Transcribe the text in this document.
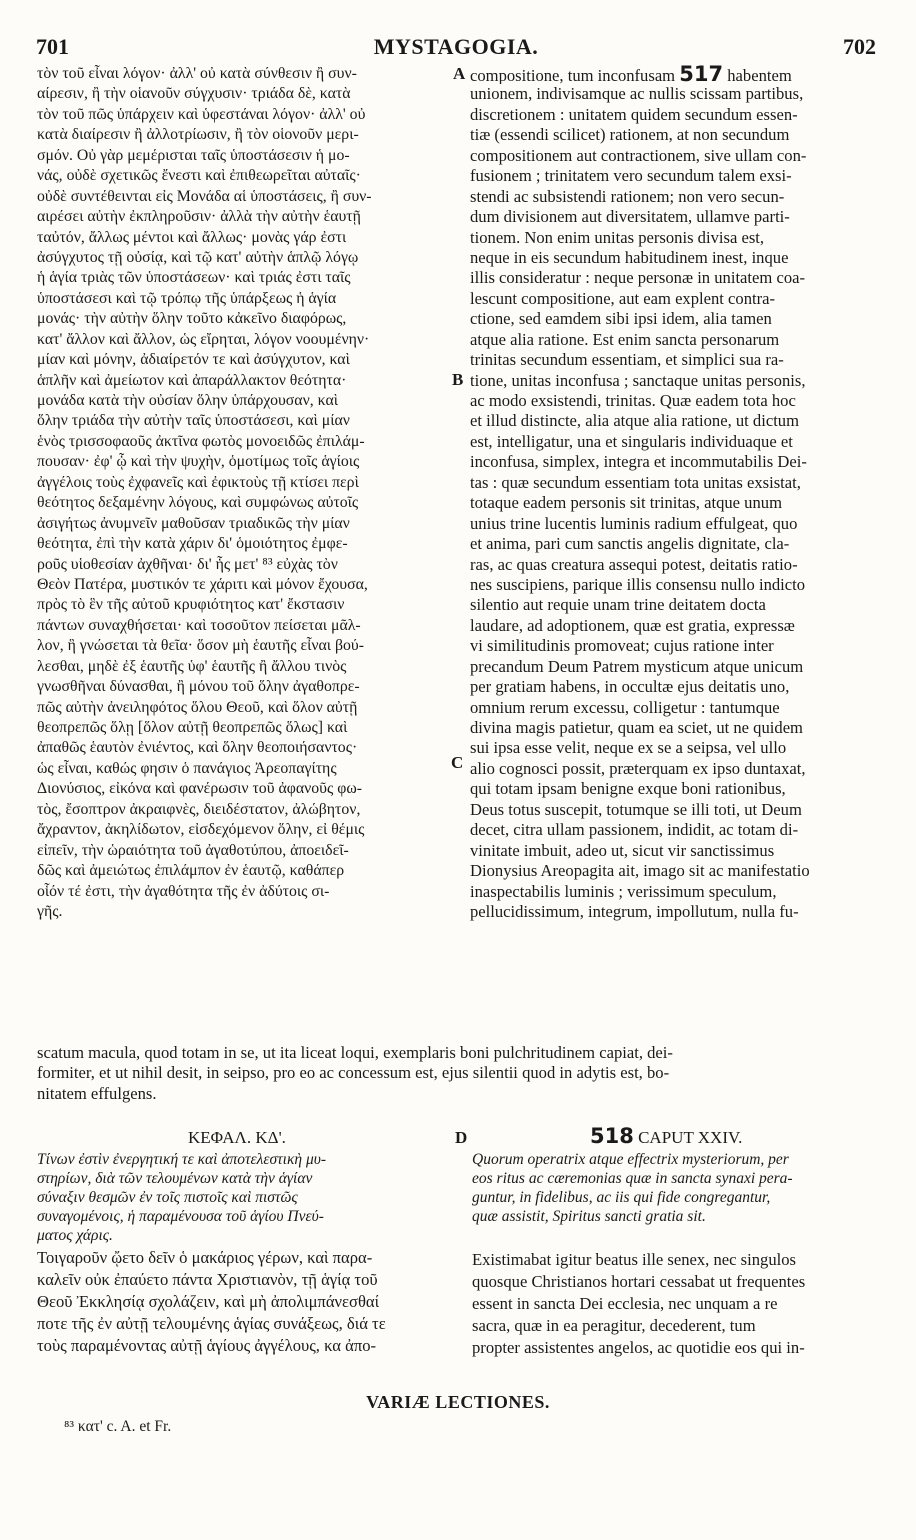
701	MYSTAGOGIA.	702
τὸν τοῦ εἶναι λόγον· ἀλλ' οὐ κατὰ σύνθεσιν ἢ συν-
αίρεσιν, ἢ τὴν οἱανοῦν σύγχυσιν· τριάδα δὲ, κατὰ
τὸν τοῦ πῶς ὑπάρχειν καὶ ὑφεστάναι λόγον· ἀλλ' οὐ
κατὰ διαίρεσιν ἢ ἀλλοτρίωσιν, ἢ τὸν οἱονοῦν μερι-
σμόν. Οὐ γὰρ μεμέρισται ταῖς ὑποστάσεσιν ἡ μο-
νάς, οὐδὲ σχετικῶς ἔνεστι καὶ ἐπιθεωρεῖται αὐταῖς·
οὐδὲ συντέθεινται εἰς Μονάδα αἱ ὑποστάσεις, ἢ συν-
αιρέσει αὐτὴν ἐκπληροῦσιν· ἀλλὰ τὴν αὐτὴν ἑαυτῇ
ταὐτόν, ἄλλως μέντοι καὶ ἄλλως· μονὰς γάρ ἐστι
ἀσύγχυτος τῇ οὐσίᾳ, καὶ τῷ κατ' αὐτὴν ἁπλῷ λόγῳ
ἡ ἁγία τριὰς τῶν ὑποστάσεων· καὶ τριάς ἐστι ταῖς
ὑποστάσεσι καὶ τῷ τρόπῳ τῆς ὑπάρξεως ἡ ἁγία
μονάς· τὴν αὐτὴν ὅλην τοῦτο κἀκεῖνο διαφόρως,
κατ' ἄλλον καὶ ἄλλον, ὡς εἴρηται, λόγον νοουμένην·
μίαν καὶ μόνην, ἀδιαίρετόν τε καὶ ἀσύγχυτον, καὶ
ἁπλῆν καὶ ἀμείωτον καὶ ἀπαράλλακτον θεότητα·
μονάδα κατὰ τὴν οὐσίαν ὅλην ὑπάρχουσαν, καὶ
ὅλην τριάδα τὴν αὐτὴν ταῖς ὑποστάσεσι, καὶ μίαν
ἑνὸς τρισσοφαοῦς ἀκτῖνα φωτὸς μονοειδῶς ἐπιλάμ-
πουσαν· ἐφ' ᾧ καὶ τὴν ψυχὴν, ὁμοτίμως τοῖς ἁγίοις
ἀγγέλοις τοὺς ἐχφανεῖς καὶ ἐφικτοὺς τῇ κτίσει περὶ
θεότητος δεξαμένην λόγους, καὶ συμφώνως αὐτοῖς
ἀσιγήτως ἀνυμνεῖν μαθοῦσαν τριαδικῶς τὴν μίαν
θεότητα, ἐπὶ τὴν κατὰ χάριν δι' ὁμοιότητος ἐμφε-
ροῦς υἱοθεσίαν ἀχθῆναι· δι' ἧς μετ' ⁸³ εὐχὰς τὸν
Θεὸν Πατέρα, μυστικόν τε χάριτι καὶ μόνον ἔχουσα,
πρὸς τὸ ἓν τῆς αὐτοῦ κρυφιότητος κατ' ἔκστασιν
πάντων συναχθήσεται· καὶ τοσοῦτον πείσεται μᾶλ-
λον, ἣ γνώσεται τὰ θεῖα· ὅσον μὴ ἑαυτῆς εἶναι βού-
λεσθαι, μηδὲ ἐξ ἑαυτῆς ὑφ' ἑαυτῆς ἢ ἄλλου τινὸς
γνωσθῆναι δύνασθαι, ἢ μόνου τοῦ ὅλην ἀγαθοπρε-
πῶς αὐτὴν ἀνειληφότος ὅλου Θεοῦ, καὶ ὅλον αὐτῇ
θεοπρεπῶς ὅλῃ [ὅλον αὐτῇ θεοπρεπῶς ὅλως] καὶ
ἀπαθῶς ἑαυτὸν ἐνιέντος, καὶ ὅλην θεοποιήσαντος·
ὡς εἶναι, καθώς φησιν ὁ πανάγιος Ἀρεοπαγίτης
Διονύσιος, εἰκόνα καὶ φανέρωσιν τοῦ ἀφανοῦς φω-
τὸς, ἔσοπτρον ἀκραιφνὲς, διειδέστατον, ἀλώβητον,
ἄχραντον, ἀκηλίδωτον, εἰσδεχόμενον ὅλην, εἰ θέμις
εἰπεῖν, τὴν ὡραιότητα τοῦ ἀγαθοτύπου, ἀποειδεῖ-
δῶς καὶ ἀμειώτως ἐπιλάμπον ἐν ἑαυτῷ, καθάπερ
οἷόν τέ ἐστι, τὴν ἀγαθότητα τῆς ἐν ἀδύτοις σι-
γῆς.
compositione, tum inconfusam 517 habentem
unionem, indivisamque ac nullis scissam partibus,
discretionem : unitatem quidem secundum essen-
tiæ (essendi scilicet) rationem, at non secundum
compositionem aut contractionem, sive ullam con-
fusionem ; trinitatem vero secundum talem exsi-
stendi ac subsistendi rationem; non vero secun-
dum divisionem aut diversitatem, ullamve parti-
tionem. Non enim unitas personis divisa est,
neque in eis secundum habitudinem inest, inque
illis consideratur : neque personæ in unitatem coa-
lescunt compositione, aut eam explent contra-
ctione, sed eamdem sibi ipsi idem, alia tamen
atque alia ratione. Est enim sancta personarum
trinitas secundum essentiam, et simplici sua ra-
tione, unitas inconfusa ; sanctaque unitas personis,
ac modo exsistendi, trinitas. Quæ eadem tota hoc
et illud distincte, alia atque alia ratione, ut dictum
est, intelligatur, una et singularis individuaque et
inconfusa, simplex, integra et incommutabilis Dei-
tas : quæ secundum essentiam tota unitas exsistat,
totaque eadem personis sit trinitas, atque unum
unius trine lucentis luminis radium effulgeat, quo
et anima, pari cum sanctis angelis dignitate, cla-
ras, ac quas creatura assequi potest, deitatis ratio-
nes suscipiens, parique illis consensu nullo indicto
silentio aut requie unam trine deitatem docta
laudare, ad adoptionem, quæ est gratia, expressæ
vi similitudinis promoveat; cujus ratione inter
precandum Deum Patrem mysticum atque unicum
per gratiam habens, in occultæ ejus deitatis uno,
omnium rerum excessu, colligetur : tantumque
divina magis patietur, quam ea sciet, ut ne quidem
sui ipsa esse velit, neque ex se a seipsa, vel ullo
alio cognosci possit, præterquam ex ipso duntaxat,
qui totam ipsam benigne exque boni rationibus,
Deus totus suscepit, totumque se illi toti, ut Deum
decet, citra ullam passionem, indidit, ac totam di-
vinitate imbuit, adeo ut, sicut vir sanctissimus
Dionysius Areopagita ait, imago sit ac manifestatio
inaspectabilis luminis ; verissimum speculum,
pellucidissimum, integrum, impollutum, nulla fu-
A
B
C
D
scatum macula, quod totam in se, ut ita liceat loqui, exemplaris boni pulchritudinem capiat, dei-
formiter, et ut nihil desit, in seipso, pro eo ac concessum est, ejus silentii quod in adytis est, bo-
nitatem effulgens.
ΚΕΦΑΛ. ΚΔ'.	518 CAPUT XXIV.
Τίνων ἐστὶν ἐνεργητική τε καὶ ἀποτελεστικὴ μυ-
στηρίων, διὰ τῶν τελουμένων κατὰ τὴν ἁγίαν
σύναξιν θεσμῶν ἐν τοῖς πιστοῖς καὶ πιστῶς
συναγομένοις, ἡ παραμένουσα τοῦ ἁγίου Πνεύ-
ματος χάρις.
Quorum operatrix atque effectrix mysteriorum, per
eos ritus ac cæremonias quæ in sancta synaxi pera-
guntur, in fidelibus, ac iis qui fide congregantur,
quæ assistit, Spiritus sancti gratia sit.
Τοιγαροῦν ᾤετο δεῖν ὁ μακάριος γέρων, καὶ παρα-
καλεῖν οὐκ ἐπαύετο πάντα Χριστιανὸν, τῇ ἁγίᾳ τοῦ
Θεοῦ Ἐκκλησίᾳ σχολάζειν, καὶ μὴ ἀπολιμπάνεσθαί
ποτε τῆς ἐν αὐτῇ τελουμένης ἁγίας συνάξεως, διά τε
τοὺς παραμένοντας αὐτῇ ἁγίους ἀγγέλους, κα ἀπο-
Existimabat igitur beatus ille senex, nec singulos
quosque Christianos hortari cessabat ut frequentes
essent in sancta Dei ecclesia, nec unquam a re
sacra, quæ in ea peragitur, decederent, tum
propter assistentes angelos, ac quotidie eos qui in-
VARIÆ LECTIONES.
⁸³ κατ' c. A. et Fr.
